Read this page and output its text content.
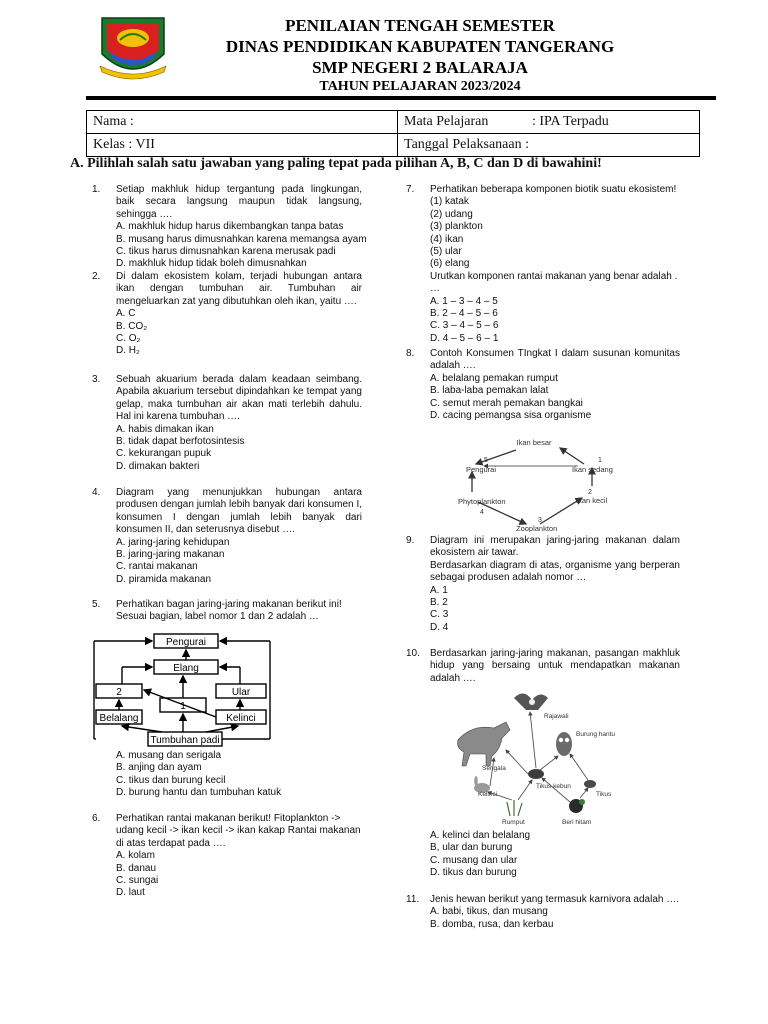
PENILAIAN TENGAH SEMESTER
DINAS PENDIDIKAN KABUPATEN TANGERANG
SMP NEGERI 2 BALARAJA
TAHUN PELAJARAN 2023/2024
Nama :	Mata Pelajaran : IPA Terpadu
Kelas : VII	Tanggal Pelaksanaan :
A. Pilihlah salah satu jawaban yang paling tepat pada pilihan A, B, C dan D di bawahini!
1.	Setiap makhluk hidup tergantung pada lingkungan, baik secara langsung maupun tidak langsung, sehingga ….
A. makhluk hidup harus dikembangkan tanpa batas
B. musang harus dimusnahkan karena memangsa ayam
C. tikus harus dimusnahkan karena merusak padi
D. makhluk hidup tidak boleh dimusnahkan
2.	Di dalam ekosistem kolam, terjadi hubungan antara ikan dengan tumbuhan air. Tumbuhan air mengeluarkan zat yang dibutuhkan oleh ikan, yaitu ….
A. C
B. CO₂
C. O₂
D. H₂
3.	Sebuah akuarium berada dalam keadaan seimbang. Apabila akuarium tersebut dipindahkan ke tempat yang gelap, maka tumbuhan air akan mati terlebih dahulu. Hal ini karena tumbuhan ….
A. habis dimakan ikan
B. tidak dapat berfotosintesis
C. kekurangan pupuk
D. dimakan bakteri
4.	Diagram yang menunjukkan hubungan antara produsen dengan jumlah lebih banyak dari konsumen I, konsumen I dengan jumlah lebih banyak dari konsumen II, dan seterusnya disebut ….
A. jaring-jaring kehidupan
B. jaring-jaring makanan
C. rantai makanan
D. piramida makanan
5.	Perhatikan bagan jaring-jaring makanan berikut ini! Sesuai bagian, label nomor 1 dan 2 adalah …
Pengurai
Elang
2	Ular
1
Belalang	Kelinci
Tumbuhan padi
A. musang dan serigala
B. anjing dan ayam
C. tikus dan burung kecil
D. burung hantu dan tumbuhan katuk
6.	Perhatikan rantai makanan berikut! Fitoplankton -> udang kecil -> ikan kecil -> ikan kakap Rantai makanan di atas terdapat pada ….
A. kolam
B. danau
C. sungai
D. laut
7.	Perhatikan beberapa komponen biotik suatu ekosistem!
(1) katak
(2) udang
(3) plankton
(4) ikan
(5) ular
(6) elang
Urutkan komponen rantai makanan yang benar adalah . …
A. 1 – 3 – 4 – 5
B. 2 – 4 – 5 – 6
C. 3 – 4 – 5 – 6
D. 4 – 5 – 6 – 1
8.	Contoh Konsumen TIngkat I dalam susunan komunitas adalah ….
A. belalang pemakan rumput
B. laba-laba pemakan lalat
C. semut merah pemakan bangkai
D. cacing pemangsa sisa organisme
Ikan besar
5
Pengurai
1
Ikan sedang
2
Ikan kecil
Phytoplankton
4
3
Zooplankton
9.	Diagram ini merupakan jaring-jaring makanan dalam ekosistem air tawar.
Berdasarkan diagram di atas, organisme yang berperan sebagai produsen adalah nomor …
A. 1
B. 2
C. 3
D. 4
10.	Berdasarkan jaring-jaring makanan, pasangan makhluk hidup yang bersaing untuk mendapatkan makanan adalah ….
Rajawali
Burung hantu
Serigala
Tikus kebun
Kelinci	Tikus
Rumput	Beri hitam
A. kelinci dan belalang
B, ular dan burung
C. musang dan ular
D. tikus dan burung
11.	Jenis hewan berikut yang termasuk karnivora adalah ….
A. babi, tikus, dan musang
B. domba, rusa, dan kerbau
